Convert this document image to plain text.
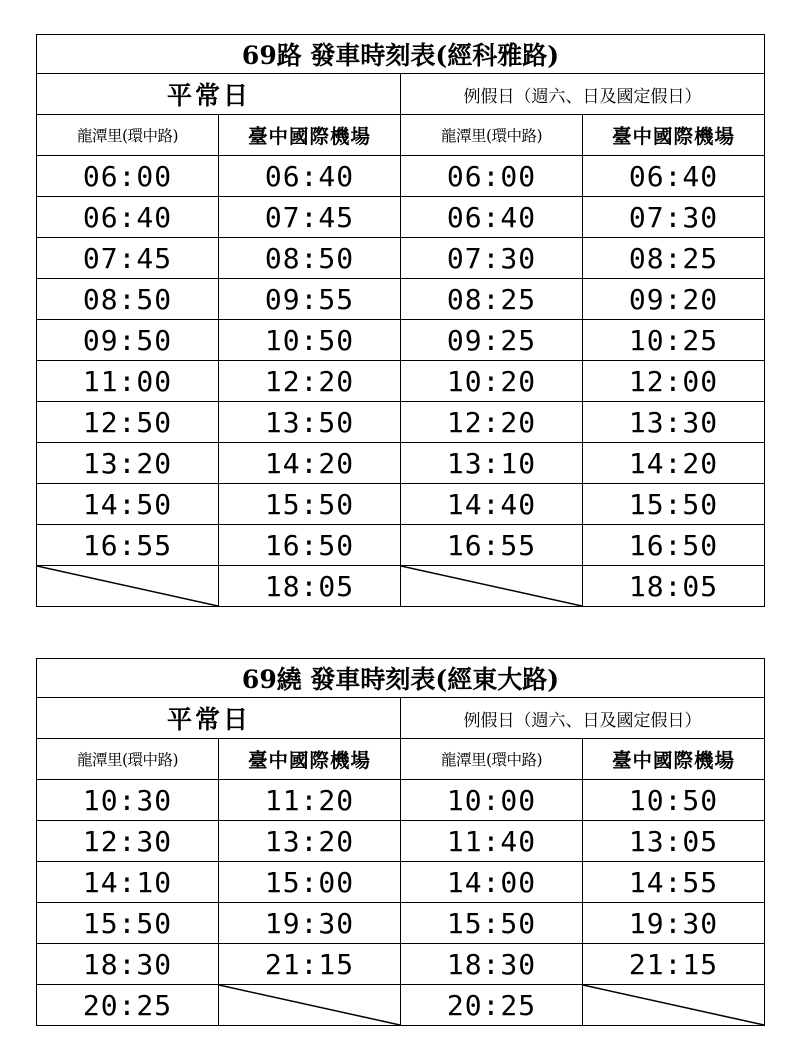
69路 發車時刻表(經科雅路)			
平常日		例假日（週六、日及國定假日）	
龍潭里(環中路)	臺中國際機場	龍潭里(環中路)	臺中國際機場
06:00	06:40	06:00	06:40
06:40	07:45	06:40	07:30
07:45	08:50	07:30	08:25
08:50	09:55	08:25	09:20
09:50	10:50	09:25	10:25
11:00	12:20	10:20	12:00
12:50	13:50	12:20	13:30
13:20	14:20	13:10	14:20
14:50	15:50	14:40	15:50
16:55	16:50	16:55	16:50

	18:05		18:05
69繞 發車時刻表(經東大路)			
平常日		例假日（週六、日及國定假日）	
龍潭里(環中路)	臺中國際機場	龍潭里(環中路)	臺中國際機場
10:30	11:20	10:00	10:50
12:30	13:20	11:40	13:05
14:10	15:00	14:00	14:55
15:50	19:30	15:50	19:30
18:30	21:15	18:30	21:15
20:25		20:25	
